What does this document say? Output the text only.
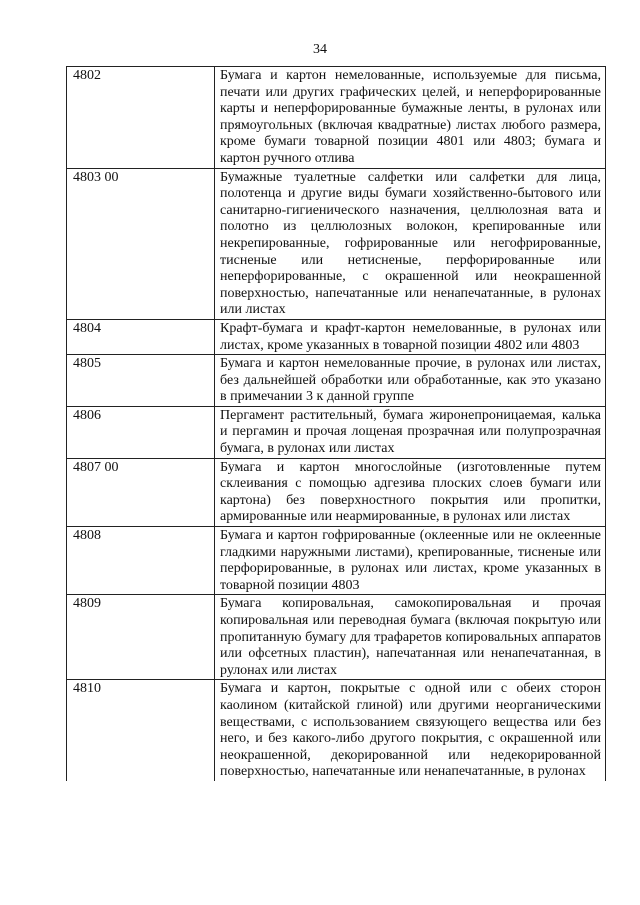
34
4802	Бумага и картон немелованные, используемые для письма, печати или других графических целей, и неперфорированные карты и неперфорированные бумажные ленты, в рулонах или прямоугольных (включая квадратные) листах любого размера, кроме бумаги товарной позиции 4801 или 4803; бумага и картон ручного отлива
4803 00	Бумажные туалетные салфетки или салфетки для лица, полотенца и другие виды бумаги хозяйственно-бытового или санитарно-гигиенического назначения, целлюлозная вата и полотно из целлюлозных волокон, крепированные или некрепированные, гофрированные или негофрированные, тисненые или нетисненые, перфорированные или неперфорированные, с окрашенной или неокрашенной поверхностью, напечатанные или ненапечатанные, в рулонах или листах
4804	Крафт-бумага и крафт-картон немелованные, в рулонах или листах, кроме указанных в товарной позиции 4802 или 4803
4805	Бумага и картон немелованные прочие, в рулонах или листах, без дальнейшей обработки или обработанные, как это указано в примечании 3 к данной группе
4806	Пергамент растительный, бумага жиронепроницаемая, калька и пергамин и прочая лощеная прозрачная или полупрозрачная бумага, в рулонах или листах
4807 00	Бумага и картон многослойные (изготовленные путем склеивания с помощью адгезива плоских слоев бумаги или картона) без поверхностного покрытия или пропитки, армированные или неармированные, в рулонах или листах
4808	Бумага и картон гофрированные (оклеенные или не оклеенные гладкими наружными листами), крепированные, тисненые или перфорированные, в рулонах или листах, кроме указанных в товарной позиции 4803
4809	Бумага копировальная, самокопировальная и прочая копировальная или переводная бумага (включая покрытую или пропитанную бумагу для трафаретов копировальных аппаратов или офсетных пластин), напечатанная или ненапечатанная, в рулонах или листах
4810	Бумага и картон, покрытые с одной или с обеих сторон каолином (китайской глиной) или другими неорганическими веществами, с использованием связующего вещества или без него, и без какого-либо другого покрытия, с окрашенной или неокрашенной, декорированной или недекорированной поверхностью, напечатанные или ненапечатанные, в рулонах
